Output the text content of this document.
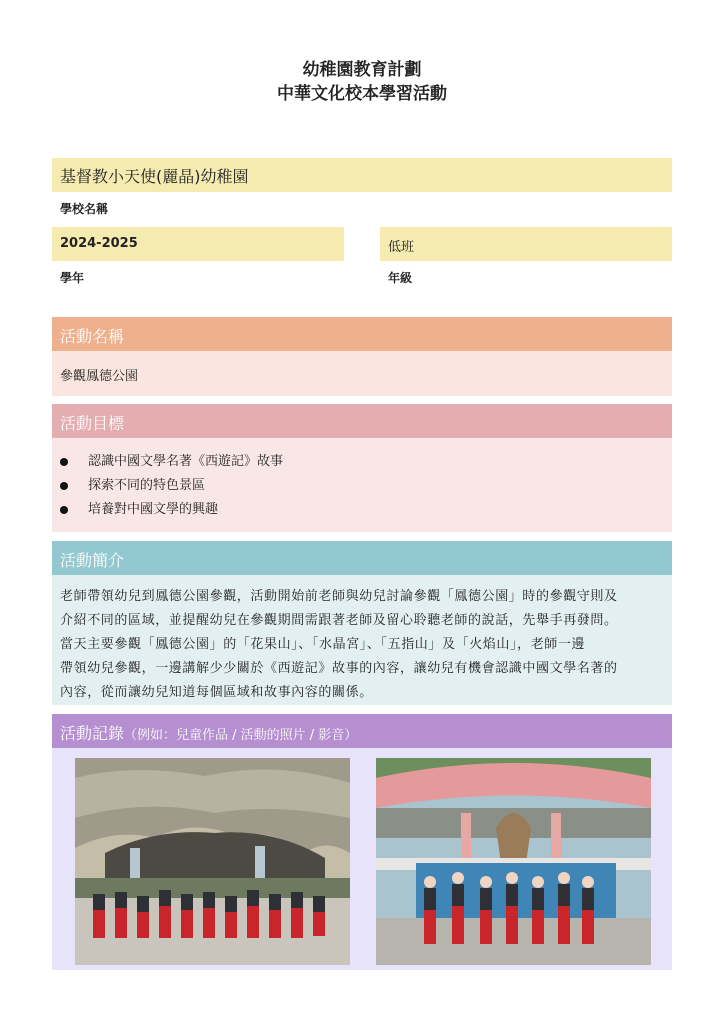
幼稚園教育計劃
中華文化校本學習活動
基督教小天使(麗晶)幼稚園
學校名稱
2024-2025
學年
低班
年級
活動名稱
參觀鳳德公園
活動目標
認識中國文學名著《西遊記》故事
探索不同的特色景區
培養對中國文學的興趣
活動簡介
老師帶領幼兒到鳳德公園參觀，活動開始前老師與幼兒討論參觀「鳳德公園」時的參觀守則及
介紹不同的區域，並提醒幼兒在參觀期間需跟著老師及留心聆聽老師的說話，先舉手再發問。
當天主要參觀「鳳德公園」的「花果山」、「水晶宮」、「五指山」及「火焰山」，老師一邊
帶領幼兒參觀，一邊講解少少關於《西遊記》故事的內容，讓幼兒有機會認識中國文學名著的
內容，從而讓幼兒知道每個區域和故事內容的關係。
活動記錄（例如：兒童作品 / 活動的照片 / 影音）
